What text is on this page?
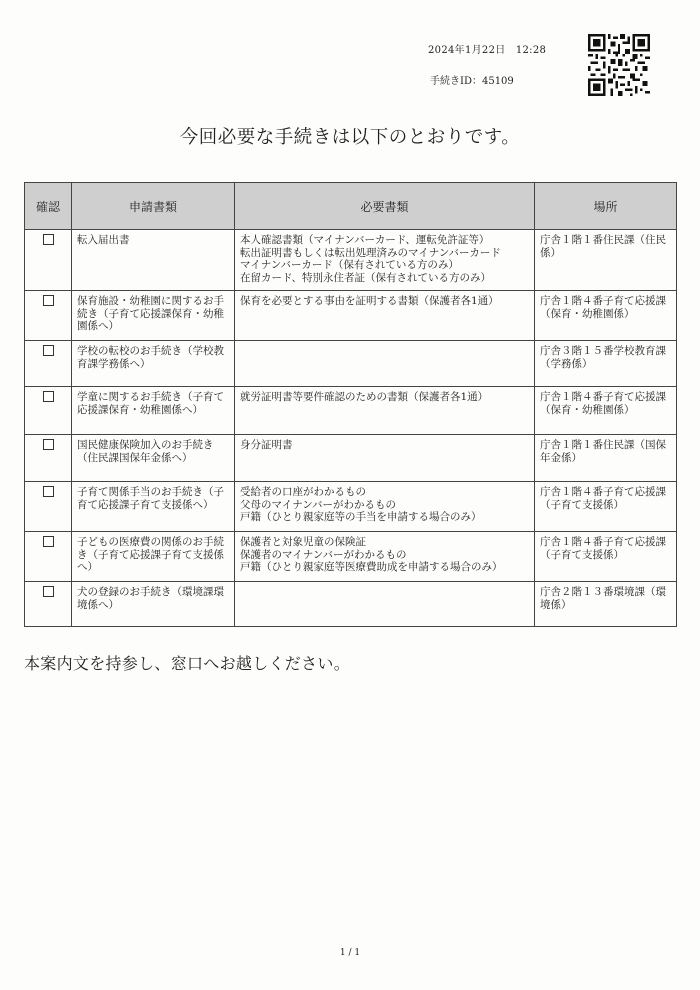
2024年1月22日　12:28
手続きID：45109
今回必要な手続きは以下のとおりです。
確認	申請書類	必要書類	場所
	転入届出書	本人確認書類（マイナンバーカード、運転免許証等）
転出証明書もしくは転出処理済みのマイナンバーカード
マイナンバーカード（保有されている方のみ）
在留カード、特別永住者証（保有されている方のみ）	庁舎１階１番住民課（住民係）
	保育施設・幼稚園に関するお手続き（子育て応援課保育・幼稚園係へ）	保育を必要とする事由を証明する書類（保護者各1通）	庁舎１階４番子育て応援課（保育・幼稚園係）
	学校の転校のお手続き（学校教育課学務係へ）		庁舎３階１５番学校教育課（学務係）
	学童に関するお手続き（子育て応援課保育・幼稚園係へ）	就労証明書等要件確認のための書類（保護者各1通）	庁舎１階４番子育て応援課（保育・幼稚園係）
	国民健康保険加入のお手続き（住民課国保年金係へ）	身分証明書	庁舎１階１番住民課（国保年金係）
	子育て関係手当のお手続き（子育て応援課子育て支援係へ）	受給者の口座がわかるもの
父母のマイナンバーがわかるもの
戸籍（ひとり親家庭等の手当を申請する場合のみ）	庁舎１階４番子育て応援課（子育て支援係）
	子どもの医療費の関係のお手続き（子育て応援課子育て支援係へ）	保護者と対象児童の保険証
保護者のマイナンバーがわかるもの
戸籍（ひとり親家庭等医療費助成を申請する場合のみ）	庁舎１階４番子育て応援課（子育て支援係）
	犬の登録のお手続き（環境課環境係へ）		庁舎２階１３番環境課（環境係）
本案内文を持参し、窓口へお越しください。
1 / 1
